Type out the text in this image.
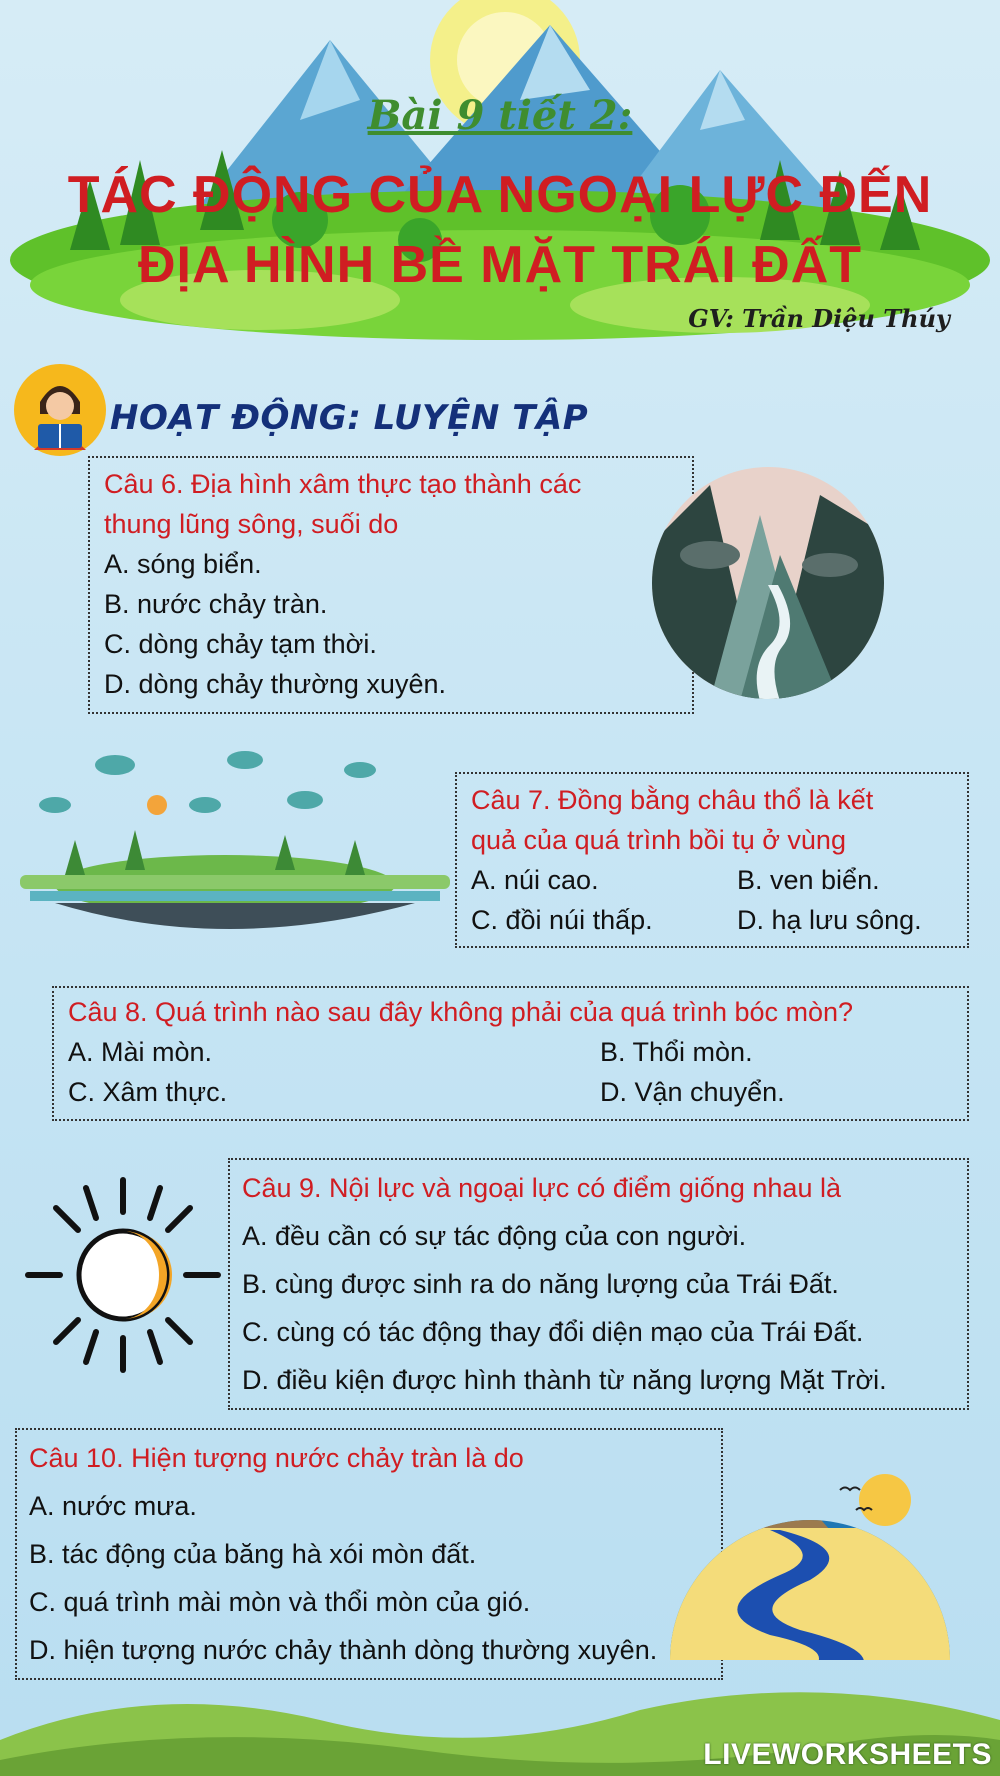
Bài 9 tiết 2:
TÁC ĐỘNG CỦA NGOẠI LỰC ĐẾN
ĐỊA HÌNH BỀ MẶT TRÁI ĐẤT
GV: Trần Diệu Thúy
HOẠT ĐỘNG: LUYỆN TẬP
Câu 6. Địa hình xâm thực tạo thành các
thung lũng sông, suối do
A. sóng biển.
B. nước chảy tràn.
C. dòng chảy tạm thời.
D. dòng chảy thường xuyên.
Câu 7. Đồng bằng châu thổ là kết
quả của quá trình bồi tụ ở vùng
A. núi cao.	B. ven biển.
C. đồi núi thấp.	D. hạ lưu sông.
Câu 8. Quá trình nào sau đây không phải của quá trình bóc mòn?
A. Mài mòn.	B. Thổi mòn.
C. Xâm thực.	D. Vận chuyển.
Câu 9. Nội lực và ngoại lực có điểm giống nhau là
A. đều cần có sự tác động của con người.
B. cùng được sinh ra do năng lượng của Trái Đất.
C. cùng có tác động thay đổi diện mạo của Trái Đất.
D. điều kiện được hình thành từ năng lượng Mặt Trời.
Câu 10. Hiện tượng nước chảy tràn là do
A. nước mưa.
B. tác động của băng hà xói mòn đất.
C. quá trình mài mòn và thổi mòn của gió.
D. hiện tượng nước chảy thành dòng thường xuyên.
LIVEWORKSHEETS
